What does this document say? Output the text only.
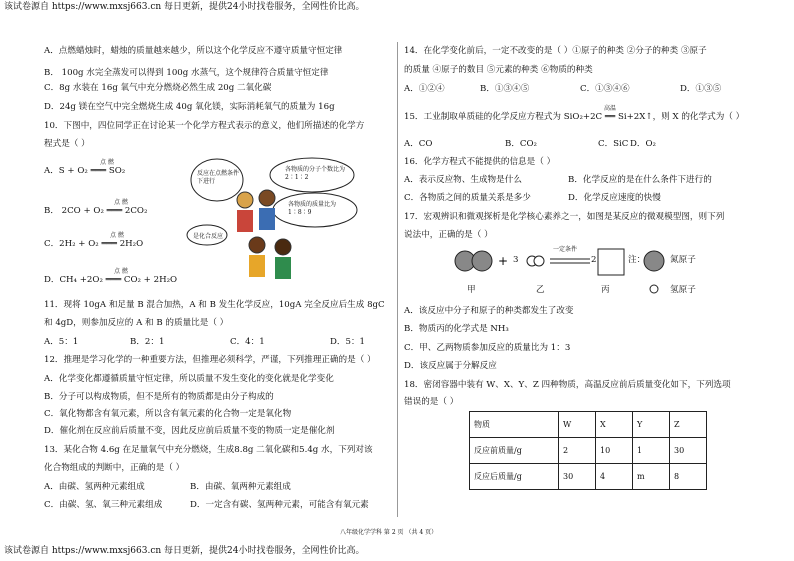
该试卷源自 https://www.mxsj663.cn 每日更新，提供24小时找卷服务，全网性价比高。
该试卷源自 https://www.mxsj663.cn 每日更新，提供24小时找卷服务，全网性价比高。
八年级化学学科 第 2 页 （共 4 页）
A．点燃蜡烛时，蜡烛的质量越来越少，所以这个化学反应不遵守质量守恒定律
B． 100g 水完全蒸发可以得到 100g 水蒸气，这个规律符合质量守恒定律
C．8g 水装在 16g 氧气中充分燃烧必然生成 20g 二氧化碳
D．24g 镁在空气中完全燃烧生成 40g 氧化镁，实际消耗氧气的质量为 16g
10．下图中，四位同学正在讨论某一个化学方程式表示的意义，他们所描述的化学方
程式是（ ）
点 燃
A．S + O₂ ═══ SO₂
点 燃
B． 2CO + O₂ ═══ 2CO₂
点 燃
C．2H₂ + O₂ ═══ 2H₂O
点 燃
D．CH₄ +2O₂ ═══ CO₂ + 2H₂O
反应在点燃条件下进行
各物质的分子个数比为2∶1∶2
各物质的质量比为1∶8∶9
是化合反应
11．现将 10gA 和足量 B 混合加热，A 和 B 发生化学反应，10gA 完全反应后生成 8gC
和 4gD，则参加反应的 A 和 B 的质量比是（ ）
A．5：1	B．2：1	C．4：1	D．5：1
12．推理是学习化学的一种重要方法，但推理必须科学，严谨，下列推理正确的是（ ）
A．化学变化都遵循质量守恒定律，所以质量不发生变化的变化就是化学变化
B．分子可以构成物质，但不是所有的物质都是由分子构成的
C．氧化物都含有氧元素，所以含有氧元素的化合物一定是氧化物
D．催化剂在反应前后质量不变，因此反应前后质量不变的物质一定是催化剂
13．某化合物 4.6g 在足量氧气中充分燃烧，生成8.8g 二氧化碳和5.4g 水，下列对该
化合物组成的判断中，正确的是（ ）
A．由碳、氢两种元素组成	B．由碳、氧两种元素组成
C．由碳、氢、氧三种元素组成	D．一定含有碳、氢两种元素，可能含有氧元素
14．在化学变化前后，一定不改变的是（ ）①原子的种类 ②分子的种类 ③原子
的质量 ④原子的数目 ⑤元素的种类 ⑥物质的种类
A．①②④	B．①③④⑤	C．①③④⑥	D．①③⑤
高温
15．工业制取单质硅的化学反应方程式为 SiO₂+2C ══ Si+2X↑，则 X 的化学式为（ ）
A．CO	B．CO₂	C．SiC D．O₂
16．化学方程式不能提供的信息是（ ）
A．表示反应物、生成物是什么	B．化学反应的是在什么条件下进行的
C．各物质之间的质量关系是多少	D．化学反应速度的快慢
17．宏观辨识和微观探析是化学核心素养之一，如图是某反应的微观模型图，则下列
说法中，正确的是（ ）
+ 3	2
一定条件
注：	氮原子
氢原子
甲	乙	丙
A．该反应中分子和原子的种类都发生了改变
B．物质丙的化学式是 NH₃
C．甲、乙两物质参加反应的质量比为 1：3
D．该反应属于分解反应
18．密闭容器中装有 W、X、Y、Z 四种物质，高温反应前后质量变化如下，下列选项
错误的是（ ）
物质	W	X	Y	Z
反应前质量/g	2	10	1	30
反应后质量/g	30	4	m	8
